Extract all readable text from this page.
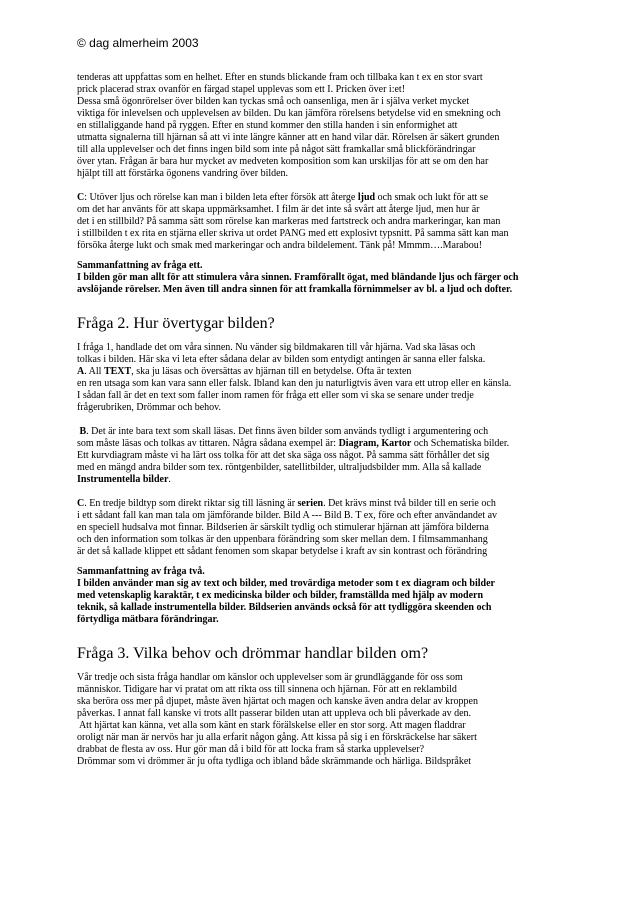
© dag almerheim 2003
tenderas att uppfattas som en helhet. Efter en stunds blickande fram och tillbaka kan t ex en stor svart
prick placerad strax ovanför en färgad stapel upplevas som ett I. Pricken över i:et!
Dessa små ögonrörelser över bilden kan tyckas små och oansenliga, men är i själva verket mycket
viktiga för inlevelsen och upplevelsen av bilden. Du kan jämföra rörelsens betydelse vid en smekning och
en stillaliggande hand på ryggen. Efter en stund kommer den stilla handen i sin enformighet att
utmatta signalerna till hjärnan så att vi inte längre känner att en hand vilar där. Rörelsen är säkert grunden
till alla upplevelser och det finns ingen bild som inte på något sätt framkallar små blickförändringar
över ytan. Frågan är bara hur mycket av medveten komposition som kan urskiljas för att se om den har
hjälpt till att förstärka ögonens vandring över bilden.
C: Utöver ljus och rörelse kan man i bilden leta efter försök att återge ljud och smak och lukt för att se
om det har använts för att skapa uppmärksamhet. I film är det inte så svårt att återge ljud, men hur är
det i en stillbild? På samma sätt som rörelse kan markeras med fartstreck och andra markeringar, kan man
i stillbilden t ex rita en stjärna eller skriva ut ordet PANG med ett explosivt typsnitt. På samma sätt kan man
försöka återge lukt och smak med markeringar och andra bildelement. Tänk på! Mmmm….Marabou!
Sammanfattning av fråga ett.
I bilden gör man allt för att stimulera våra sinnen. Framförallt ögat, med bländande ljus och färger och
avslöjande rörelser. Men även till andra sinnen för att framkalla förnimmelser av bl. a ljud och dofter.
Fråga 2. Hur övertygar bilden?
I fråga 1, handlade det om våra sinnen. Nu vänder sig bildmakaren till vår hjärna. Vad ska läsas och
tolkas i bilden. Här ska vi leta efter sådana delar av bilden som entydigt antingen är sanna eller falska.
A. All TEXT, ska ju läsas och översättas av hjärnan till en betydelse. Ofta är texten
en ren utsaga som kan vara sann eller falsk. Ibland kan den ju naturligtvis även vara ett utrop eller en känsla.
I sådan fall är det en text som faller inom ramen för fråga ett eller som vi ska se senare under tredje
frågerubriken, Drömmar och behov.
B. Det är inte bara text som skall läsas. Det finns även bilder som används tydligt i argumentering och
som måste läsas och tolkas av tittaren. Några sådana exempel är: Diagram, Kartor och Schematiska bilder.
Ett kurvdiagram måste vi ha lärt oss tolka för att det ska säga oss något. På samma sätt förhåller det sig
med en mängd andra bilder som tex. röntgenbilder, satellitbilder, ultraljudsbilder mm. Alla så kallade
Instrumentella bilder.
C. En tredje bildtyp som direkt riktar sig till läsning är serien. Det krävs minst två bilder till en serie och
i ett sådant fall kan man tala om jämförande bilder. Bild A --- Bild B. T ex, före och efter användandet av
en speciell hudsalva mot finnar. Bildserien är särskilt tydlig och stimulerar hjärnan att jämföra bilderna
och den information som tolkas är den uppenbara förändring som sker mellan dem. I filmsammanhang
är det så kallade klippet ett sådant fenomen som skapar betydelse i kraft av sin kontrast och förändring
Sammanfattning av fråga två.
I bilden använder man sig av text och bilder, med trovärdiga metoder som t ex diagram och bilder
med vetenskaplig karaktär, t ex medicinska bilder och bilder, framställda med hjälp av modern
teknik, så kallade instrumentella bilder. Bildserien används också för att tydliggöra skeenden och
förtydliga mätbara förändringar.
Fråga 3. Vilka behov och drömmar handlar bilden om?
Vår tredje och sista fråga handlar om känslor och upplevelser som är grundläggande för oss som
människor. Tidigare har vi pratat om att rikta oss till sinnena och hjärnan. För att en reklambild
ska beröra oss mer på djupet, måste även hjärtat och magen och kanske även andra delar av kroppen
påverkas. I annat fall kanske vi trots allt passerar bilden utan att uppleva och bli påverkade av den.
Att hjärtat kan känna, vet alla som känt en stark förälskelse eller en stor sorg. Att magen fladdrar
oroligt när man är nervös har ju alla erfarit någon gång. Att kissa på sig i en förskräckelse har säkert
drabbat de flesta av oss. Hur gör man då i bild för att locka fram så starka upplevelser?
Drömmar som vi drömmer är ju ofta tydliga och ibland både skrämmande och härliga. Bildspråket
